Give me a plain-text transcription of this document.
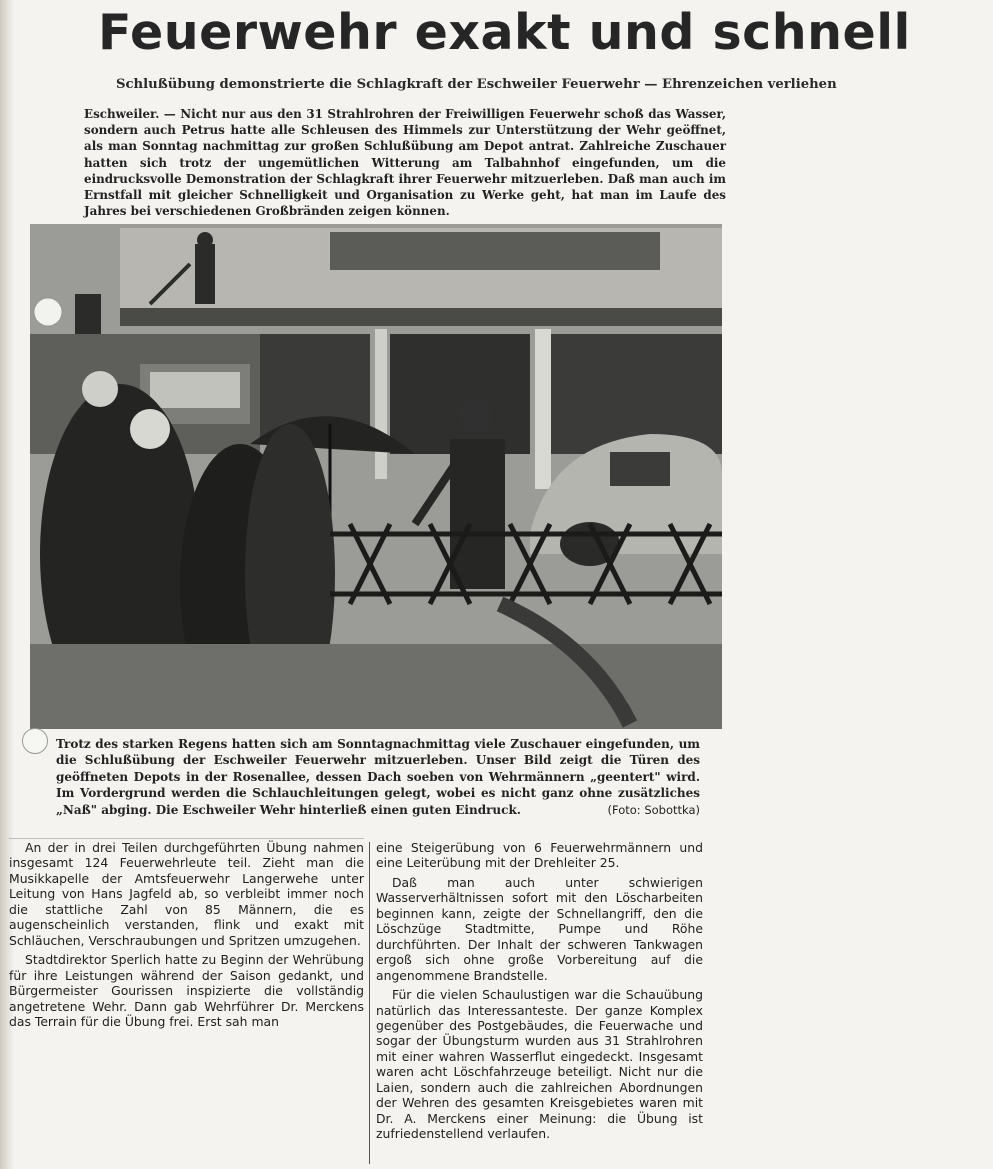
Feuerwehr exakt und schnell
Schlußübung demonstrierte die Schlagkraft der Eschweiler Feuerwehr — Ehrenzeichen verliehen
Eschweiler. — Nicht nur aus den 31 Strahlrohren der Freiwilligen Feuerwehr schoß das Wasser, sondern auch Petrus hatte alle Schleusen des Himmels zur Unterstützung der Wehr geöffnet, als man Sonntag nachmittag zur großen Schlußübung am Depot antrat. Zahlreiche Zuschauer hatten sich trotz der ungemütlichen Witterung am Talbahnhof eingefunden, um die eindrucksvolle Demonstration der Schlagkraft ihrer Feuerwehr mitzuerleben. Daß man auch im Ernstfall mit gleicher Schnelligkeit und Organisation zu Werke geht, hat man im Laufe des Jahres bei verschiedenen Großbränden zeigen können.
Trotz des starken Regens hatten sich am Sonntagnachmittag viele Zuschauer eingefunden, um die Schlußübung der Eschweiler Feuerwehr mitzuerleben. Unser Bild zeigt die Türen des geöffneten Depots in der Rosenallee, dessen Dach soeben von Wehrmännern „geentert" wird. Im Vordergrund werden die Schlauchleitungen gelegt, wobei es nicht ganz ohne zusätzliches „Naß" abging. Die Eschweiler Wehr hinterließ einen guten Eindruck.	(Foto: Sobottka)

An der in drei Teilen durchgeführten Übung nahmen insgesamt 124 Feuerwehrleute teil. Zieht man die Musikkapelle der Amtsfeuerwehr Langerwehe unter Leitung von Hans Jagfeld ab, so verbleibt immer noch die stattliche Zahl von 85 Männern, die es augenscheinlich verstanden, flink und exakt mit Schläuchen, Verschraubungen und Spritzen umzugehen.

Stadtdirektor Sperlich hatte zu Beginn der Wehrübung für ihre Leistungen während der Saison gedankt, und Bürgermeister Gourissen inspizierte die vollständig angetretene Wehr. Dann gab Wehrführer Dr. Merckens das Terrain für die Übung frei. Erst sah man

eine Steigerübung von 6 Feuerwehrmännern und eine Leiterübung mit der Drehleiter 25.

Daß man auch unter schwierigen Wasserverhältnissen sofort mit den Löscharbeiten beginnen kann, zeigte der Schnellangriff, den die Löschzüge Stadtmitte, Pumpe und Röhe durchführten. Der Inhalt der schweren Tankwagen ergoß sich ohne große Vorbereitung auf die angenommene Brandstelle.

Für die vielen Schaulustigen war die Schauübung natürlich das Interessanteste. Der ganze Komplex gegenüber des Postgebäudes, die Feuerwache und sogar der Übungsturm wurden aus 31 Strahlrohren mit einer wahren Wasserflut eingedeckt. Insgesamt waren acht Löschfahrzeuge beteiligt. Nicht nur die Laien, sondern auch die zahlreichen Abordnungen der Wehren des gesamten Kreisgebietes waren mit Dr. A. Merckens einer Meinung: die Übung ist zufriedenstellend verlaufen.
